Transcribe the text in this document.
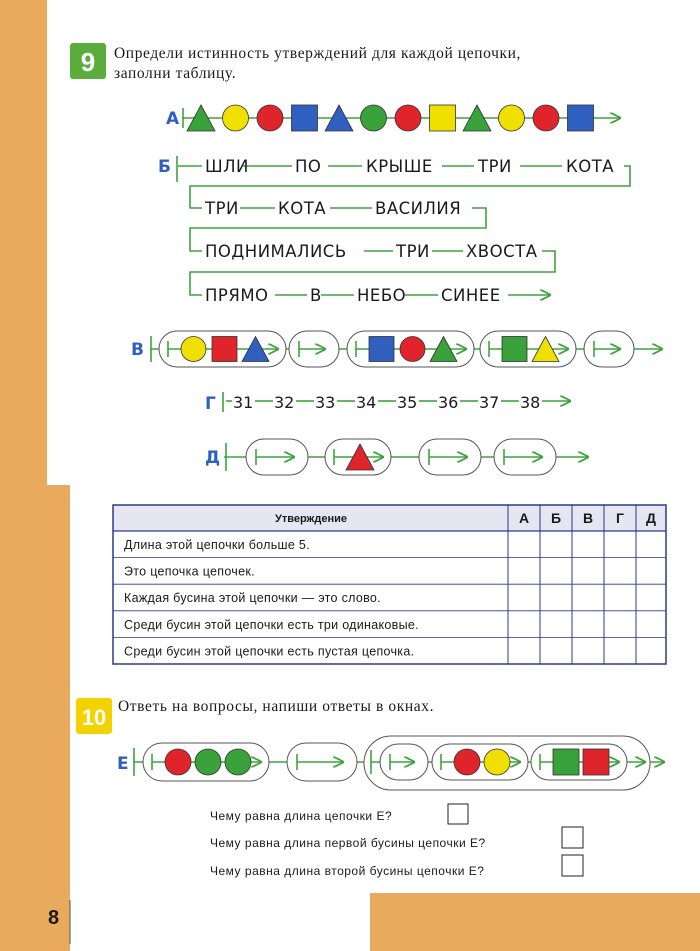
9 Определи истинность утверждений для каждой цепочки,
заполни таблицу.
А
Б ШЛИ	ПО	КРЫШЕ	ТРИ	КОТА
ТРИ КОТА	ВАСИЛИЯ
ПОДНИМАЛИСЬ	ТРИ ХВОСТА
ПРЯМО	В НЕБО СИНЕЕ
В
Г 31 32 33 34 35 36 37 38
Д
Утверждение	А Б В Г Д
Длина этой цепочки больше 5.
Это цепочка цепочек.
Каждая бусина этой цепочки — это слово.
Среди бусин этой цепочки есть три одинаковые.
Среди бусин этой цепочки есть пустая цепочка.
10 Ответь на вопросы, напиши ответы в окнах.
Е
Чему равна длина цепочки Е?
Чему равна длина первой бусины цепочки Е?
Чему равна длина второй бусины цепочки Е?
8
